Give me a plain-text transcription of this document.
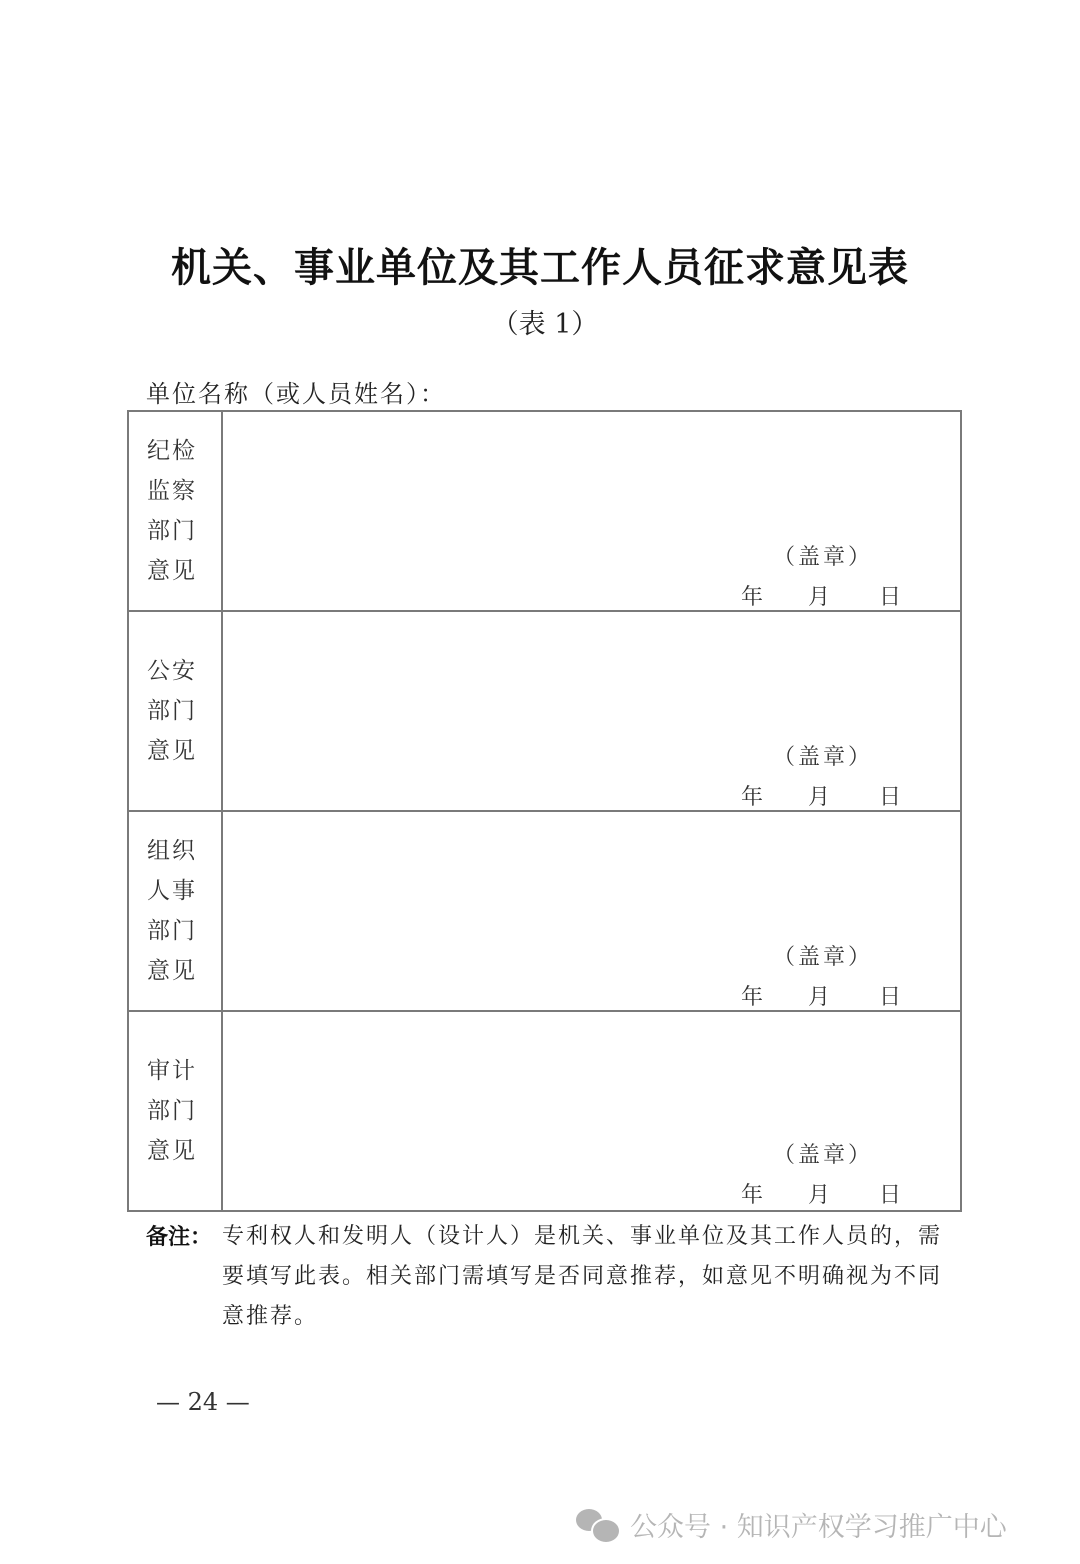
机关、事业单位及其工作人员征求意见表
（表 1）
单位名称（或人员姓名）：
纪检监察部门意见	（盖章）
年 月 日

公安部门意见	（盖章）
年 月 日

组织人事部门意见	（盖章）
年 月 日

审计部门意见	（盖章）
年 月 日
备注： 专利权人和发明人（设计人）是机关、事业单位及其工作人员的，需要填写此表。相关部门需填写是否同意推荐，如意见不明确视为不同意推荐。
— 24 —
公众号 · 知识产权学习推广中心
